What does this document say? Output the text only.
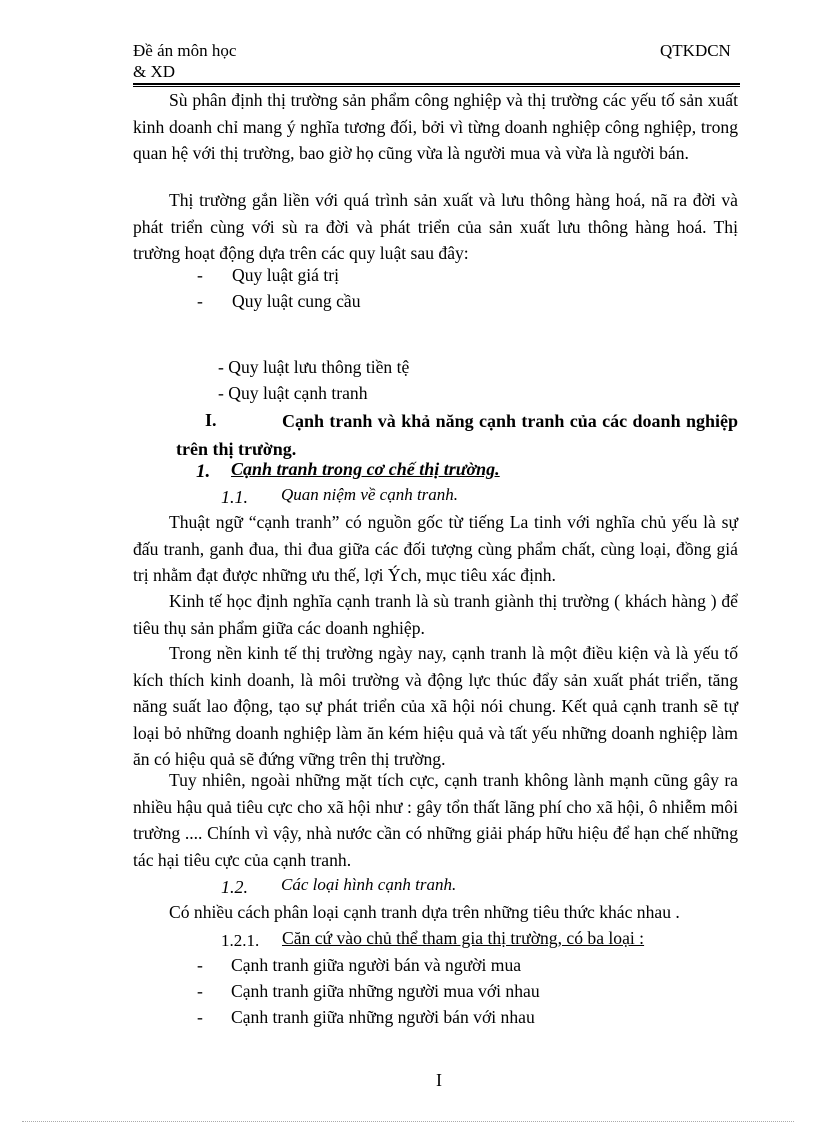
Đề án môn học
& XD
QTKDCN
Sù phân định thị trường sản phẩm công nghiệp và thị trường các yếu tố sản xuất kinh doanh chỉ mang ý nghĩa tương đối, bởi vì từng doanh nghiệp công nghiệp, trong quan hệ với thị trường, bao giờ họ cũng vừa là người mua và vừa là người bán.
Thị trường gắn liền với quá trình sản xuất và lưu thông hàng hoá, nã ra đời và phát triển cùng với sù ra đời và phát triển của sản xuất lưu thông hàng hoá. Thị trường hoạt động dựa trên các quy luật sau đây:
- Quy luật giá trị
- Quy luật cung cầu
- Quy luật lưu thông tiền tệ
- Quy luật cạnh tranh
I.	Cạnh tranh và khả năng cạnh tranh của các doanh nghiệp trên thị trường.
1. Cạnh tranh trong cơ chế thị trường.
1.1. Quan niệm về cạnh tranh.
Thuật ngữ “cạnh tranh” có nguồn gốc từ tiếng La tinh với nghĩa chủ yếu là sự đấu tranh, ganh đua, thi đua giữa các đối tượng cùng phẩm chất, cùng loại, đồng giá trị nhằm đạt được những ưu thế, lợi Ých, mục tiêu xác định.
Kinh tế học định nghĩa cạnh tranh là sù tranh giành thị trường ( khách hàng ) để tiêu thụ sản phẩm giữa các doanh nghiệp.
Trong nền kinh tế thị trường ngày nay, cạnh tranh là một điều kiện và là yếu tố kích thích kinh doanh, là môi trường và động lực thúc đẩy sản xuất phát triển, tăng năng suất lao động, tạo sự phát triển của xã hội nói chung. Kết quả cạnh tranh sẽ tự loại bỏ những doanh nghiệp làm ăn kém hiệu quả và tất yếu những doanh nghiệp làm ăn có hiệu quả sẽ đứng vững trên thị trường.
Tuy nhiên, ngoài những mặt tích cực, cạnh tranh không lành mạnh cũng gây ra nhiều hậu quả tiêu cực cho xã hội như : gây tổn thất lãng phí cho xã hội, ô nhiễm môi trường .... Chính vì vậy, nhà nước cần có những giải pháp hữu hiệu để hạn chế những tác hại tiêu cực của cạnh tranh.
1.2. Các loại hình cạnh tranh.
Có nhiều cách phân loại cạnh tranh dựa trên những tiêu thức khác nhau .
1.2.1. Căn cứ vào chủ thể tham gia thị trường, có ba loại :
- Cạnh tranh giữa người bán và người mua
- Cạnh tranh giữa những người mua với nhau
- Cạnh tranh giữa những người bán với nhau
I
